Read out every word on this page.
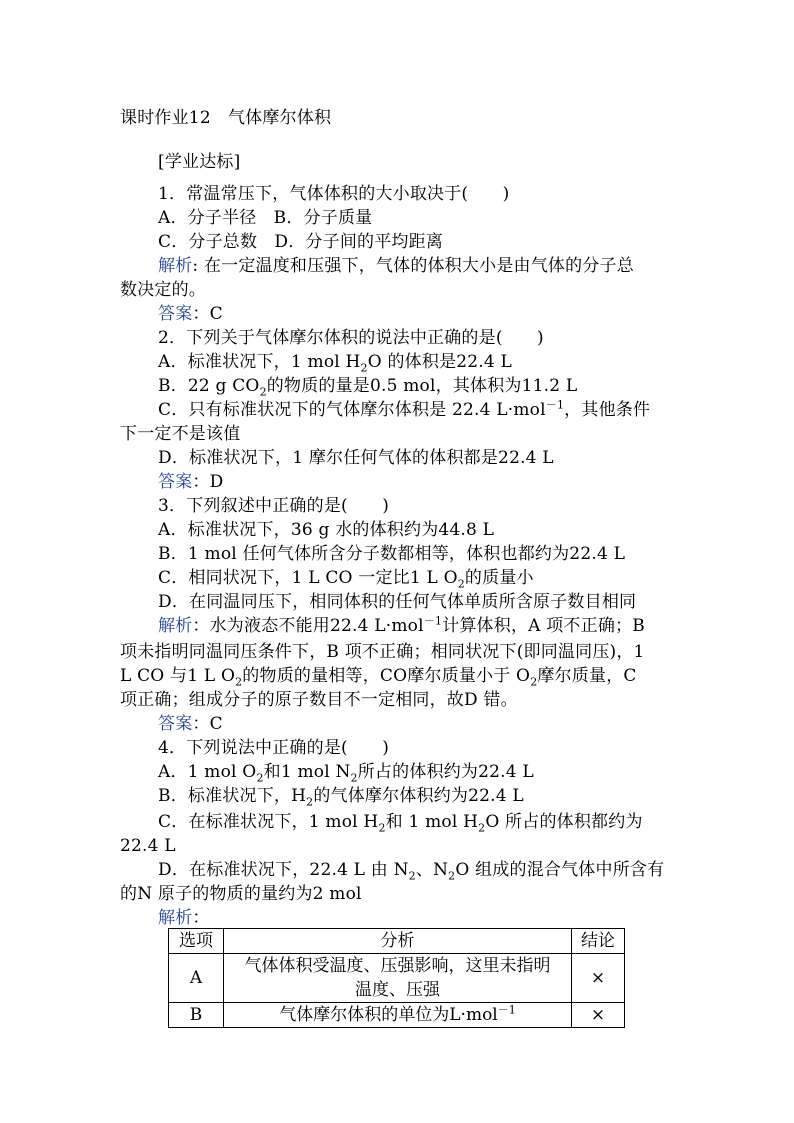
课时作业12　气体摩尔体积
[学业达标]
1．常温常压下，气体体积的大小取决于(　　)
A．分子半径　B．分子质量
C．分子总数　D．分子间的平均距离
解析: 在一定温度和压强下，气体的体积大小是由气体的分子总
数决定的。
答案：C
2．下列关于气体摩尔体积的说法中正确的是(　　)
A．标准状况下，1 mol $H_2O$ 的体积是22.4 L
B．22 g $CO_2$的物质的量是0.5 mol，其体积为11.2 L
C．只有标准状况下的气体摩尔体积是 22.4 L·mol$^{-1}$，其他条件
下一定不是该值
D．标准状况下，1 摩尔任何气体的体积都是22.4 L
答案：D
3．下列叙述中正确的是(　　)
A．标准状况下，36 g 水的体积约为44.8 L
B．1 mol 任何气体所含分子数都相等，体积也都约为22.4 L
C．相同状况下，1 L CO 一定比1 L $O_2$的质量小
D．在同温同压下，相同体积的任何气体单质所含原子数目相同
解析：水为液态不能用22.4 L·mol$^{-1}$计算体积，A 项不正确；B
项未指明同温同压条件下，B 项不正确；相同状况下(即同温同压)，1
L CO 与1 L $O_2$的物质的量相等，CO摩尔质量小于 $O_2$摩尔质量，C
项正确；组成分子的原子数目不一定相同，故D 错。
答案：C
4．下列说法中正确的是(　　)
A．1 mol $O_2$和1 mol $N_2$所占的体积约为22.4 L
B．标准状况下，$H_2$的气体摩尔体积约为22.4 L
C．在标准状况下，1 mol $H_2$和 1 mol $H_2O$ 所占的体积都约为
22.4 L
D．在标准状况下，22.4 L 由 $N_2$、$N_2O$ 组成的混合气体中所含有
的N 原子的物质的量约为2 mol
解析：
选项	分析	结论
A	气体体积受温度、压强影响，这里未指明
温度、压强	×
B	气体摩尔体积的单位为L·mol$^{-1}$	×
